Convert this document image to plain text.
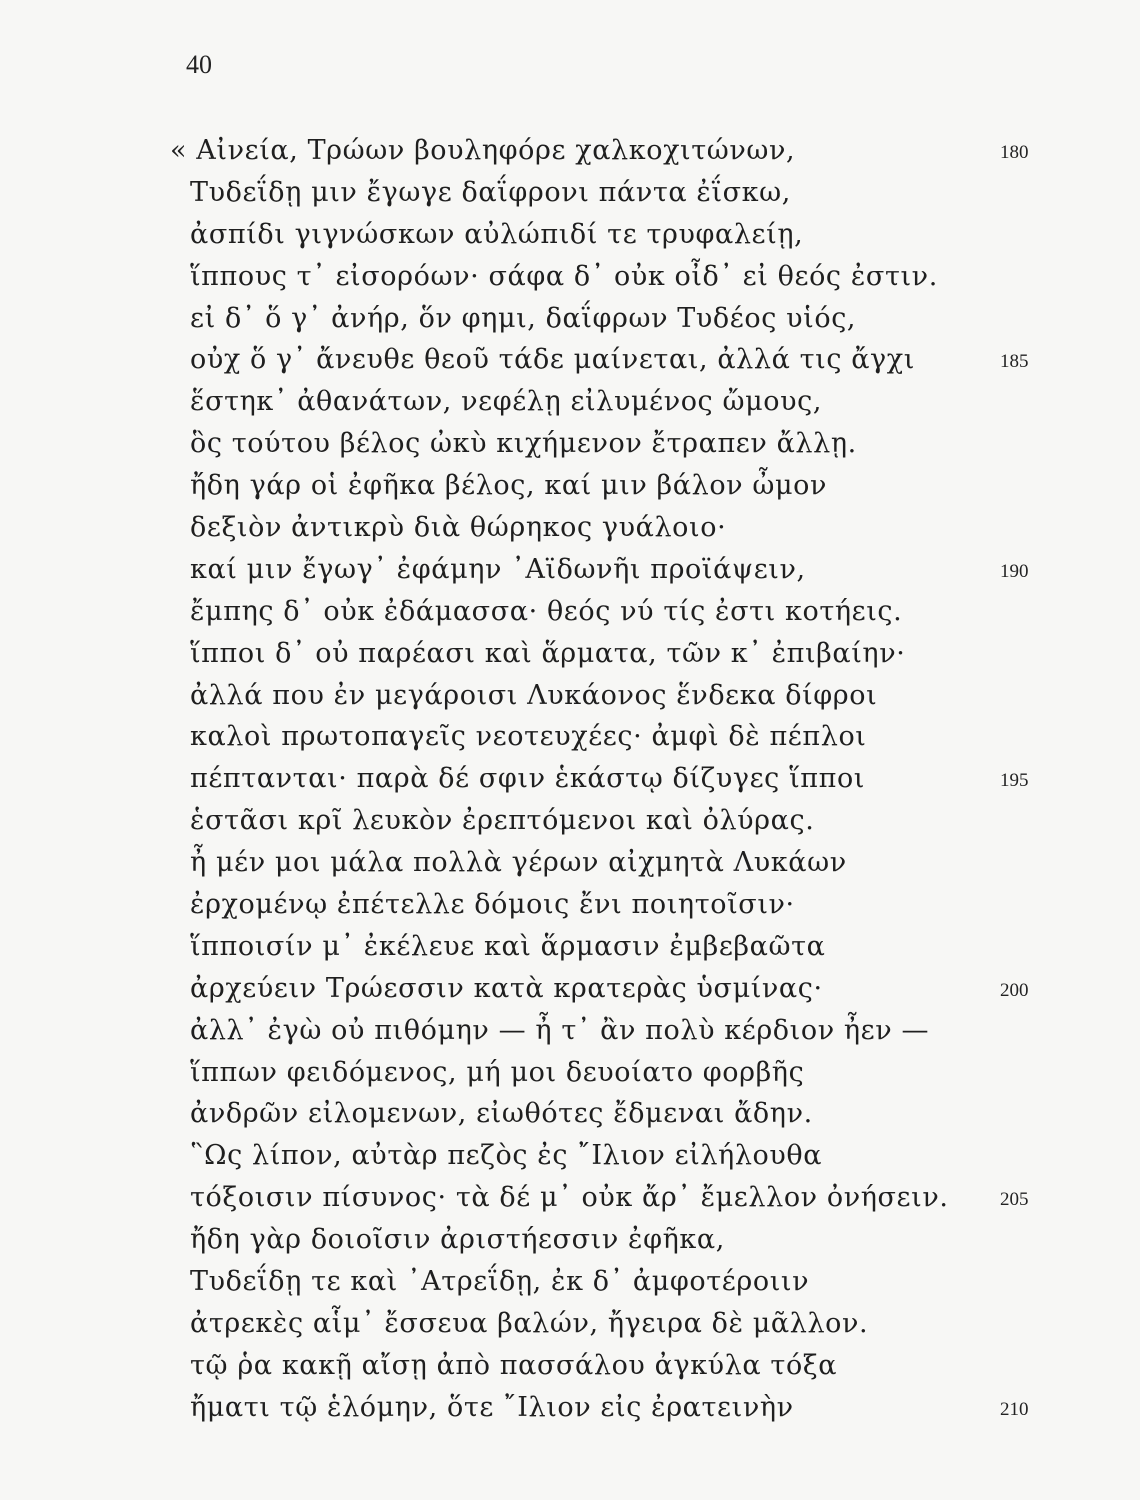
40
« Αἰνεία, Τρώων βουληφόρε χαλκοχιτώνων,	180
Τυδεΐδῃ μιν ἔγωγε δαΐφρονι πάντα ἐΐσκω,
ἀσπίδι γιγνώσκων αὐλώπιδί τε τρυφαλείῃ,
ἵππους τ᾽ εἰσορόων· σάφα δ᾽ οὐκ οἶδ᾽ εἰ θεός ἐστιν.
εἰ δ᾽ ὅ γ᾽ ἀνήρ, ὅν φημι, δαΐφρων Τυδέος υἱός,
οὐχ ὅ γ᾽ ἄνευθε θεοῦ τάδε μαίνεται, ἀλλά τις ἄγχι	185
ἕστηκ᾽ ἀθανάτων, νεφέλῃ εἰλυμένος ὤμους,
ὃς τούτου βέλος ὠκὺ κιχήμενον ἔτραπεν ἄλλῃ.
ἤδη γάρ οἱ ἐφῆκα βέλος, καί μιν βάλον ὦμον
δεξιὸν ἀντικρὺ διὰ θώρηκος γυάλοιο·
καί μιν ἔγωγ᾽ ἐφάμην ᾽Αϊδωνῆι προϊάψειν,	190
ἔμπης δ᾽ οὐκ ἐδάμασσα· θεός νύ τίς ἐστι κοτήεις.
ἵπποι δ᾽ οὐ παρέασι καὶ ἅρματα, τῶν κ᾽ ἐπιβαίην·
ἀλλά που ἐν μεγάροισι Λυκάονος ἕνδεκα δίφροι
καλοὶ πρωτοπαγεῖς νεοτευχέες· ἀμφὶ δὲ πέπλοι
πέπτανται· παρὰ δέ σφιν ἑκάστῳ δίζυγες ἵπποι	195
ἑστᾶσι κρῖ λευκὸν ἐρεπτόμενοι καὶ ὀλύρας.
ἦ μέν μοι μάλα πολλὰ γέρων αἰχμητὰ Λυκάων
ἐρχομένῳ ἐπέτελλε δόμοις ἔνι ποιητοῖσιν·
ἵπποισίν μ᾽ ἐκέλευε καὶ ἅρμασιν ἐμβεβαῶτα
ἀρχεύειν Τρώεσσιν κατὰ κρατερὰς ὑσμίνας·	200
ἀλλ᾽ ἐγὼ οὐ πιθόμην — ἦ τ᾽ ἂν πολὺ κέρδιον ἦεν —
ἵππων φειδόμενος, μή μοι δευοίατο φορβῆς
ἀνδρῶν εἰλομενων, εἰωθότες ἔδμεναι ἄδην.
῝Ως λίπον, αὐτὰρ πεζὸς ἐς ῎Ιλιον εἰλήλουθα
τόξοισιν πίσυνος· τὰ δέ μ᾽ οὐκ ἄρ᾽ ἔμελλον ὀνήσειν.	205
ἤδη γὰρ δοιοῖσιν ἀριστήεσσιν ἐφῆκα,
Τυδεΐδῃ τε καὶ ᾽Ατρεΐδῃ, ἐκ δ᾽ ἀμφοτέροιιν
ἀτρεκὲς αἷμ᾽ ἔσσευα βαλών, ἤγειρα δὲ μᾶλλον.
τῷ ῥα κακῇ αἴσῃ ἀπὸ πασσάλου ἀγκύλα τόξα
ἤματι τῷ ἑλόμην, ὅτε ῎Ιλιον εἰς ἐρατεινὴν	210
